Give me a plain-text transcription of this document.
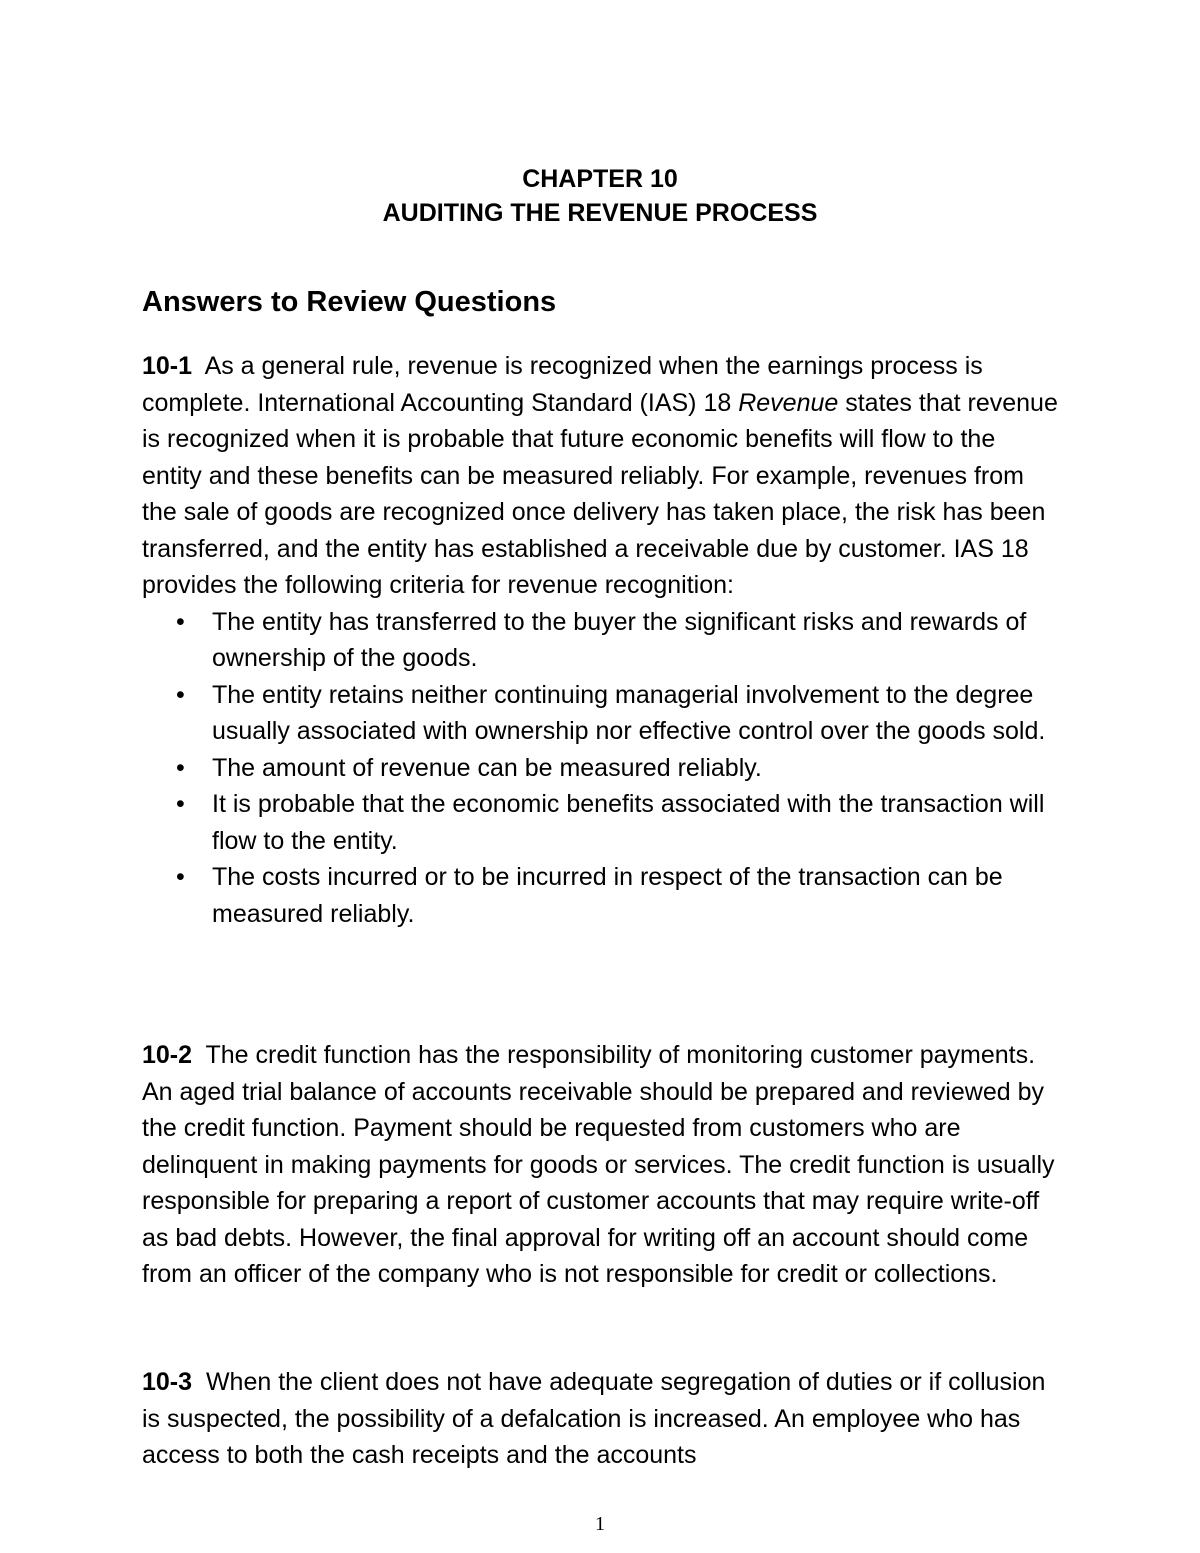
CHAPTER 10
AUDITING THE REVENUE PROCESS
Answers to Review Questions

10-1 As a general rule, revenue is recognized when the earnings process is complete. International Accounting Standard (IAS) 18 Revenue states that revenue is recognized when it is probable that future economic benefits will flow to the entity and these benefits can be measured reliably. For example, revenues from the sale of goods are recognized once delivery has taken place, the risk has been transferred, and the entity has established a receivable due by customer. IAS 18 provides the following criteria for revenue recognition:

• The entity has transferred to the buyer the significant risks and rewards of ownership of the goods.
• The entity retains neither continuing managerial involvement to the degree usually associated with ownership nor effective control over the goods sold.
• The amount of revenue can be measured reliably.
• It is probable that the economic benefits associated with the transaction will flow to the entity.
• The costs incurred or to be incurred in respect of the transaction can be measured reliably.

10-2 The credit function has the responsibility of monitoring customer payments. An aged trial balance of accounts receivable should be prepared and reviewed by the credit function. Payment should be requested from customers who are delinquent in making payments for goods or services. The credit function is usually responsible for preparing a report of customer accounts that may require write-off as bad debts. However, the final approval for writing off an account should come from an officer of the company who is not responsible for credit or collections.

10-3 When the client does not have adequate segregation of duties or if collusion is suspected, the possibility of a defalcation is increased. An employee who has access to both the cash receipts and the accounts

1
